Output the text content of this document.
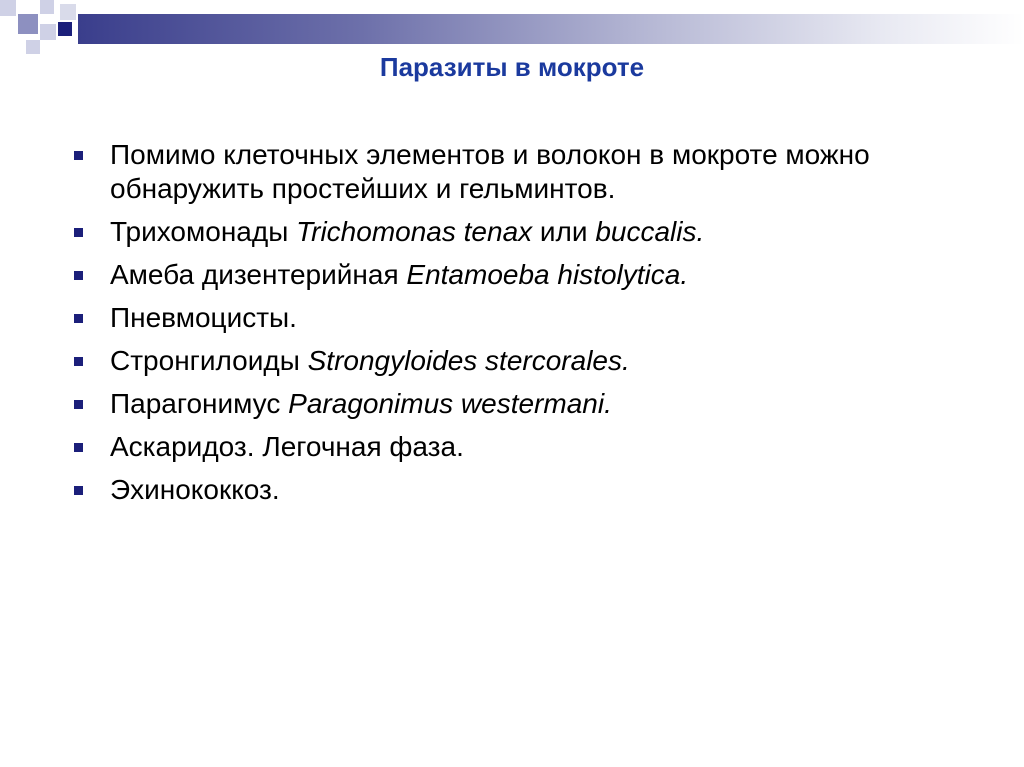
Паразиты в мокроте
Помимо клеточных элементов и волокон в мокроте можно обнаружить простейших и гельминтов.
Трихомонады Trichomonas tenax или buccalis.
Амеба дизентерийная Entamoeba histolytica.
Пневмоцисты.
Стронгилоиды Strongyloides stercorales.
Парагонимус Paragonimus westermani.
Аскаридоз. Легочная фаза.
Эхинококкоз.
